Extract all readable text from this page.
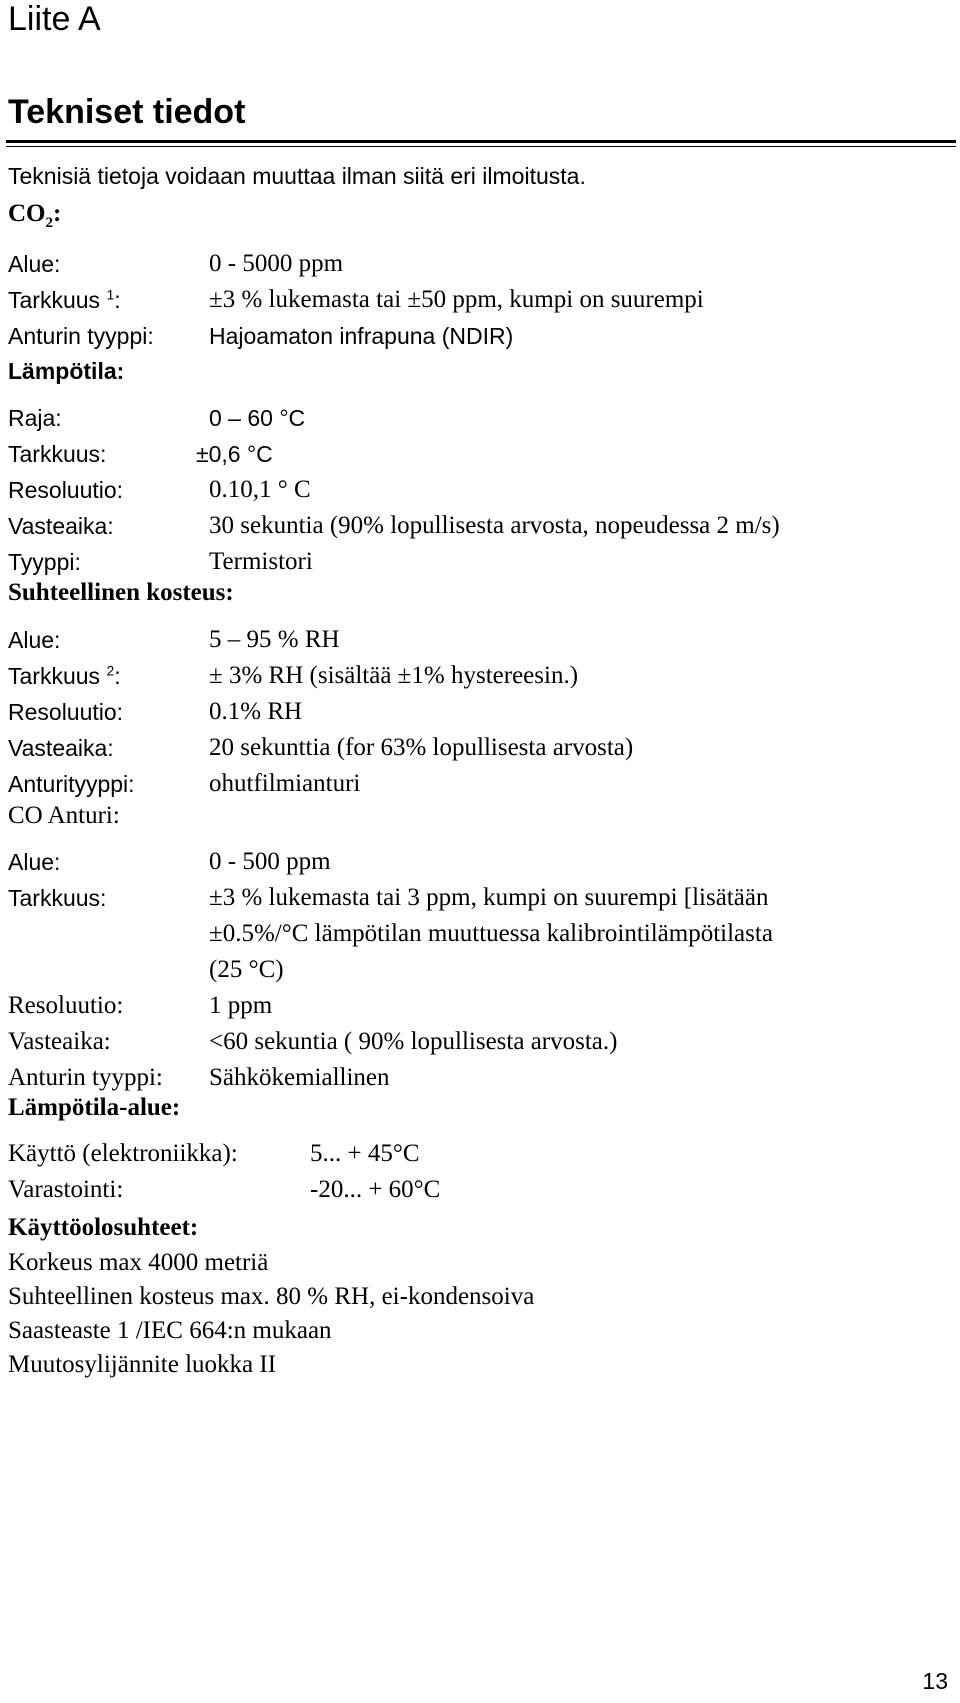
Liite A
Tekniset tiedot

Teknisiä tietoja voidaan muuttaa ilman siitä eri ilmoitusta.

$CO_2$:
Alue:	0 - 5000 ppm
Tarkkuus $^1$:	±3 % lukemasta tai ±50 ppm, kumpi on suurempi
Anturin tyyppi:	Hajoamaton infrapuna (NDIR)
Lämpötila:
Raja:	0 – 60 °C
Tarkkuus:	±0,6 °C
Resoluutio:	0.10,1 ° C
Vasteaika:	30 sekuntia (90% lopullisesta arvosta, nopeudessa 2 m/s)
Tyyppi:	Termistori
Suhteellinen kosteus:
Alue:	5 – 95 % RH
Tarkkuus $^2$:	± 3% RH (sisältää ±1% hystereesin.)
Resoluutio:	0.1% RH
Vasteaika:	20 sekunttia (for 63% lopullisesta arvosta)
Anturityyppi:	ohutfilmianturi
CO Anturi:
Alue:	0 - 500 ppm
Tarkkuus:	±3 % lukemasta tai 3 ppm, kumpi on suurempi [lisätään
±0.5%/°C lämpötilan muuttuessa kalibrointilämpötilasta
(25 °C)
Resoluutio:	1 ppm
Vasteaika:	<60 sekuntia ( 90% lopullisesta arvosta.)
Anturin tyyppi:	Sähkökemiallinen
Lämpötila-alue:
Käyttö (elektroniikka):	5... + 45°C
Varastointi:	-20... + 60°C
Käyttöolosuhteet:
Korkeus max 4000 metriä
Suhteellinen kosteus max. 80 % RH, ei-kondensoiva
Saasteaste 1 /IEC 664:n mukaan
Muutosylijännite luokka II
13
